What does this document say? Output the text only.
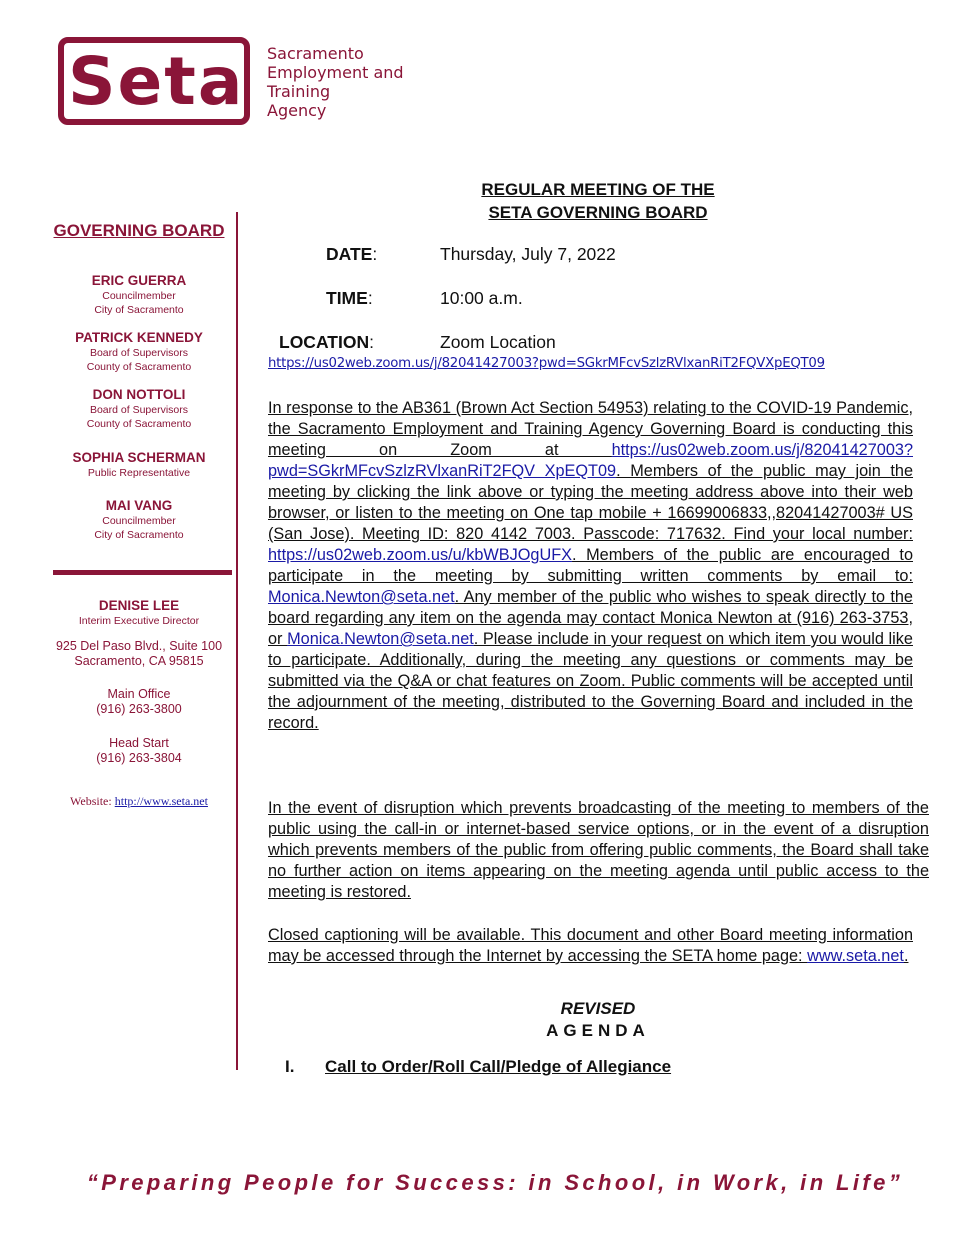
Seta Sacramento
Employment and
Training
Agency
GOVERNING BOARD
ERIC GUERRA
Councilmember
City of Sacramento
PATRICK KENNEDY
Board of Supervisors
County of Sacramento
DON NOTTOLI
Board of Supervisors
County of Sacramento
SOPHIA SCHERMAN
Public Representative
MAI VANG
Councilmember
City of Sacramento
DENISE LEE
Interim Executive Director
925 Del Paso Blvd., Suite 100
Sacramento, CA 95815
Main Office
(916) 263-3800
Head Start
(916) 263-3804
Website: http://www.seta.net
REGULAR MEETING OF THE
SETA GOVERNING BOARD
DATE:	Thursday, July 7, 2022
TIME:	10:00 a.m.
LOCATION:	Zoom Location
https://us02web.zoom.us/j/82041427003?pwd=SGkrMFcvSzlzRVlxanRiT2FQVXpEQT09
In response to the AB361 (Brown Act Section 54953) relating to the COVID-19 Pandemic, the Sacramento Employment and Training Agency Governing Board is conducting this meeting on Zoom at https://us02web.zoom.us/j/82041427003?pwd=SGkrMFcvSzlzRVlxanRiT2FQV XpEQT09. Members of the public may join the meeting by clicking the link above or typing the meeting address above into their web browser, or listen to the meeting on One tap mobile + 16699006833,,82041427003# US (San Jose). Meeting ID: 820 4142 7003. Passcode: 717632. Find your local number: https://us02web.zoom.us/u/kbWBJOgUFX. Members of the public are encouraged to participate in the meeting by submitting written comments by email to: Monica.Newton@seta.net. Any member of the public who wishes to speak directly to the board regarding any item on the agenda may contact Monica Newton at (916) 263-3753, or Monica.Newton@seta.net. Please include in your request on which item you would like to participate. Additionally, during the meeting any questions or comments may be submitted via the Q&A or chat features on Zoom. Public comments will be accepted until the adjournment of the meeting, distributed to the Governing Board and included in the record.
In the event of disruption which prevents broadcasting of the meeting to members of the public using the call-in or internet-based service options, or in the event of a disruption which prevents members of the public from offering public comments, the Board shall take no further action on items appearing on the meeting agenda until public access to the meeting is restored.
Closed captioning will be available. This document and other Board meeting information may be accessed through the Internet by accessing the SETA home page: www.seta.net.
REVISED
AGENDA
I. Call to Order/Roll Call/Pledge of Allegiance
“Preparing People for Success: in School, in Work, in Life”
